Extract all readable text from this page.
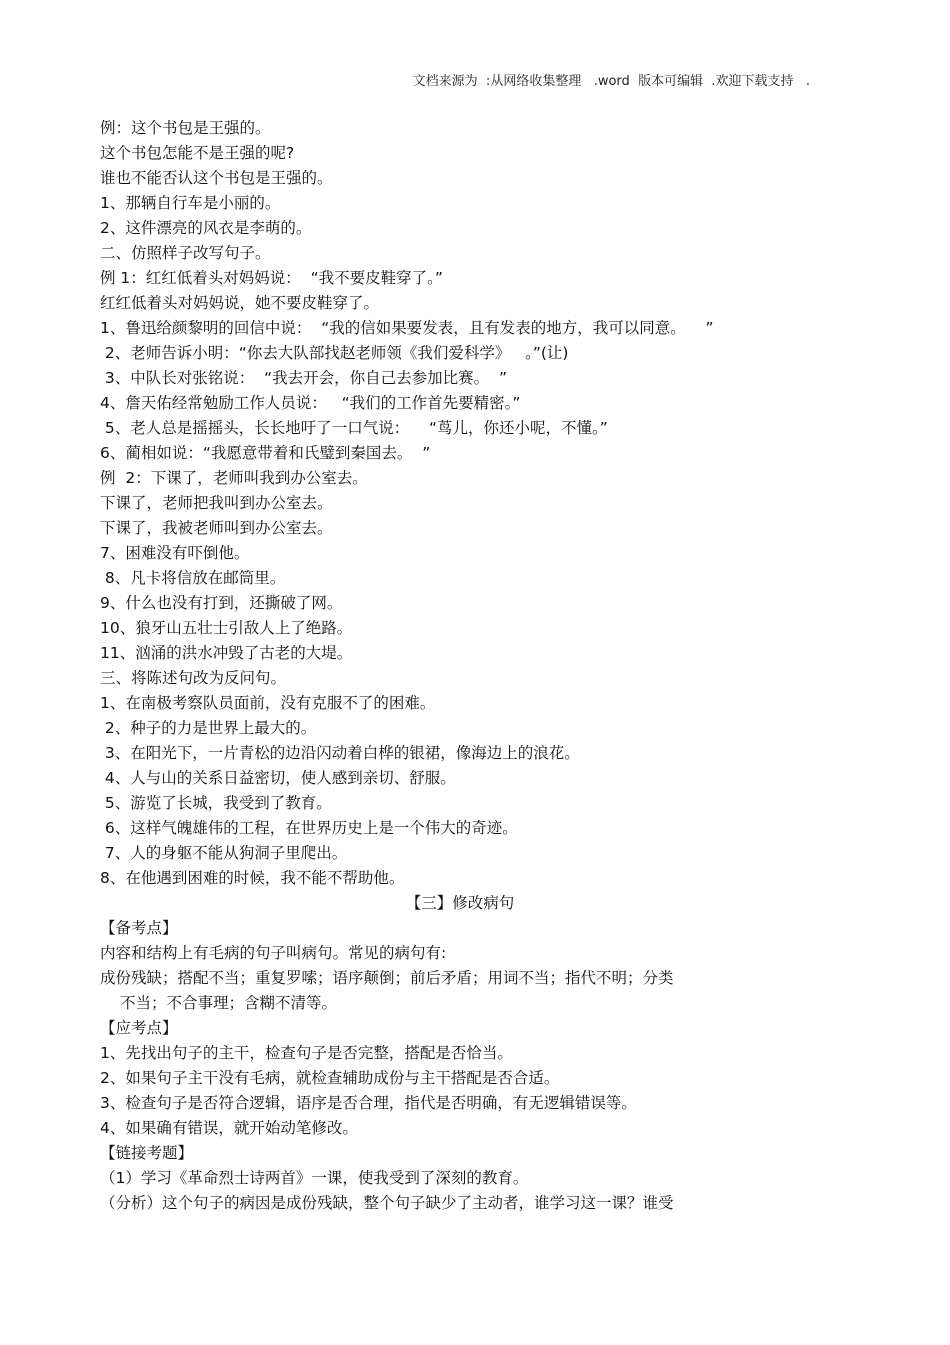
文档来源为  :从网络收集整理   .word  版本可编辑  .欢迎下载支持   .
例：这个书包是王强的。
这个书包怎能不是王强的呢?
谁也不能否认这个书包是王强的。
1、那辆自行车是小丽的。
2、这件漂亮的风衣是李萌的。
二、仿照样子改写句子。
例 1：红红低着头对妈妈说：  “我不要皮鞋穿了。”
红红低着头对妈妈说，她不要皮鞋穿了。
1、鲁迅给颜黎明的回信中说：  “我的信如果要发表，且有发表的地方，我可以同意。    ”
2、老师告诉小明：“你去大队部找赵老师领《我们爱科学》   。”(让)
3、中队长对张铭说：  “我去开会，你自己去参加比赛。  ”
4、詹天佑经常勉励工作人员说：   “我们的工作首先要精密。”
5、老人总是摇摇头，长长地吁了一口气说：    “茑儿，你还小呢，不懂。”
6、蔺相如说：“我愿意带着和氏璧到秦国去。  ”
例  2：下课了，老师叫我到办公室去。
下课了，老师把我叫到办公室去。
下课了，我被老师叫到办公室去。
7、困难没有吓倒他。
8、凡卡将信放在邮筒里。
9、什么也没有打到，还撕破了网。
10、狼牙山五壮士引敌人上了绝路。
11、汹涌的洪水冲毁了古老的大堤。
三、将陈述句改为反问句。
1、在南极考察队员面前，没有克服不了的困难。
2、种子的力是世界上最大的。
3、在阳光下，一片青松的边沿闪动着白桦的银裙，像海边上的浪花。
4、人与山的关系日益密切，使人感到亲切、舒服。
5、游览了长城，我受到了教育。
6、这样气魄雄伟的工程，在世界历史上是一个伟大的奇迹。
7、人的身躯不能从狗洞子里爬出。
8、在他遇到困难的时候，我不能不帮助他。
【三】修改病句
【备考点】
内容和结构上有毛病的句子叫病句。常见的病句有:
成份残缺；搭配不当；重复罗嗦；语序颠倒；前后矛盾；用词不当；指代不明；分类
不当；不合事理；含糊不清等。
【应考点】
1、先找出句子的主干，检查句子是否完整，搭配是否恰当。
2、如果句子主干没有毛病，就检查辅助成份与主干搭配是否合适。
3、检查句子是否符合逻辑，语序是否合理，指代是否明确，有无逻辑错误等。
4、如果确有错误，就开始动笔修改。
【链接考题】
（1）学习《革命烈士诗两首》一课，使我受到了深刻的教育。
（分析）这个句子的病因是成份残缺，整个句子缺少了主动者，谁学习这一课？谁受
